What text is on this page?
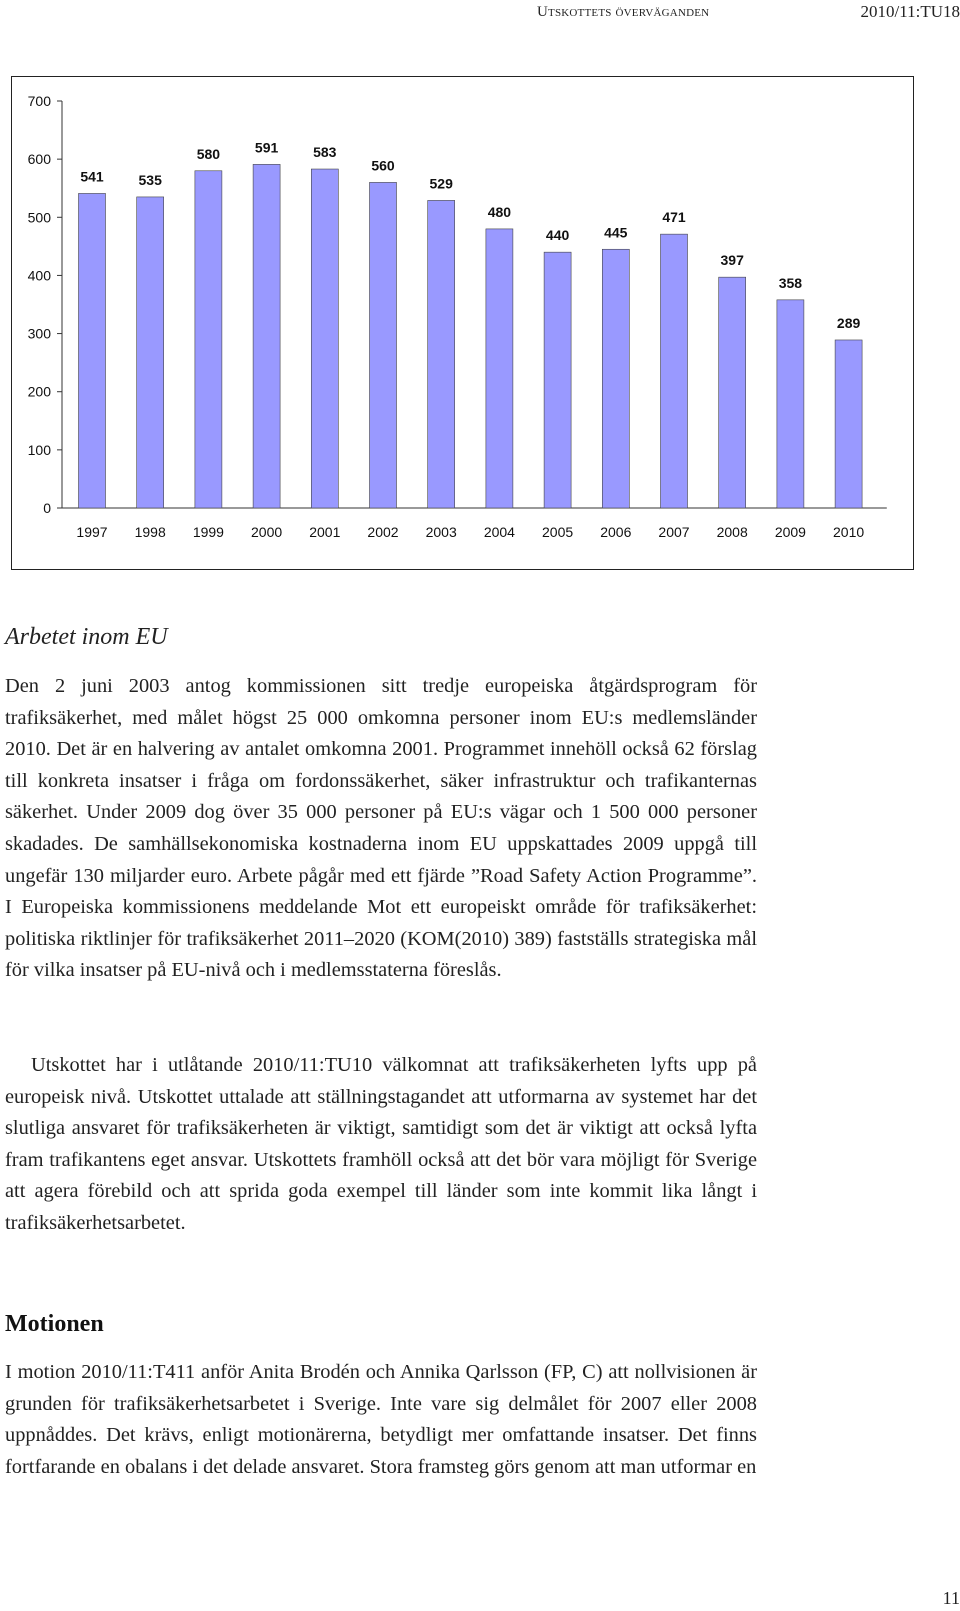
Utskottets överväganden	2010/11:TU18
0
100
200
300
400
500
600
700
541
1997
535
1998
580
1999
591
2000
583
2001
560
2002
529
2003
480
2004
440
2005
445
2006
471
2007
397
2008
358
2009
289
2010
Arbetet inom EU

Den 2 juni 2003 antog kommissionen sitt tredje europeiska åtgärdsprogram för trafiksäkerhet, med målet högst 25 000 omkomna personer inom EU:s medlemsländer 2010. Det är en halvering av antalet omkomna 2001. Programmet innehöll också 62 förslag till konkreta insatser i fråga om fordonssäkerhet, säker infrastruktur och trafikanternas säkerhet. Under 2009 dog över 35 000 personer på EU:s vägar och 1 500 000 personer skadades. De samhällsekonomiska kostnaderna inom EU uppskattades 2009 uppgå till ungefär 130 miljarder euro. Arbete pågår med ett fjärde ”Road Safety Action Programme”. I Europeiska kommissionens meddelande Mot ett europeiskt område för trafiksäkerhet: politiska riktlinjer för trafiksäkerhet 2011–2020 (KOM(2010) 389) fastställs strategiska mål för vilka insatser på EU-nivå och i medlemsstaterna föreslås.

Utskottet har i utlåtande 2010/11:TU10 välkomnat att trafiksäkerheten lyfts upp på europeisk nivå. Utskottet uttalade att ställningstagandet att utformarna av systemet har det slutliga ansvaret för trafiksäkerheten är viktigt, samtidigt som det är viktigt att också lyfta fram trafikantens eget ansvar. Utskottets framhöll också att det bör vara möjligt för Sverige att agera förebild och att sprida goda exempel till länder som inte kommit lika långt i trafiksäkerhetsarbetet.

Motionen

I motion 2010/11:T411 anför Anita Brodén och Annika Qarlsson (FP, C) att nollvisionen är grunden för trafiksäkerhetsarbetet i Sverige. Inte vare sig delmålet för 2007 eller 2008 uppnåddes. Det krävs, enligt motionärerna, betydligt mer omfattande insatser. Det finns fortfarande en obalans i det delade ansvaret. Stora framsteg görs genom att man utformar en

11
